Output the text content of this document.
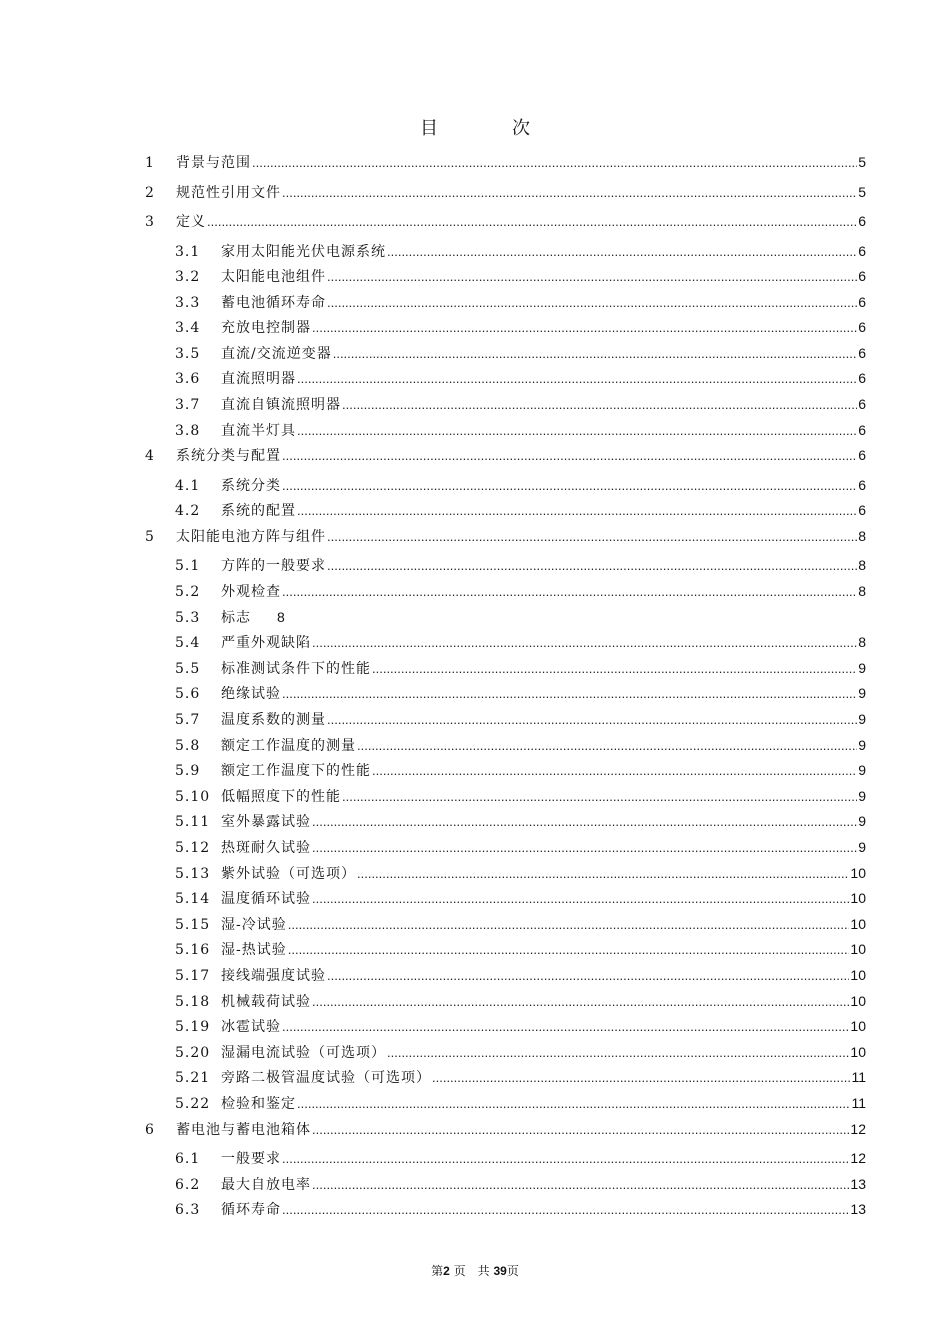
目　次
1	背景与范围 .....	5
2	规范性引用文件 .....	5
3	定义 .....	6
3.1	家用太阳能光伏电源系统 .....	6
3.2	太阳能电池组件 .....	6
3.3	蓄电池循环寿命 .....	6
3.4	充放电控制器 .....	6
3.5	直流/交流逆变器 .....	6
3.6	直流照明器 .....	6
3.7	直流自镇流照明器 .....	6
3.8	直流半灯具 .....	6
4	系统分类与配置 .....	6
4.1	系统分类 .....	6
4.2	系统的配置 .....	6
5	太阳能电池方阵与组件 .....	8
5.1	方阵的一般要求 .....	8
5.2	外观检查 .....	8
5.3	标志 8
5.4	严重外观缺陷 .....	8
5.5	标准测试条件下的性能 .....	9
5.6	绝缘试验 .....	9
5.7	温度系数的测量 .....	9
5.8	额定工作温度的测量 .....	9
5.9	额定工作温度下的性能 .....	9
5.10 低幅照度下的性能 .....	9
5.11 室外暴露试验 .....	9
5.12 热斑耐久试验 .....	9
5.13 紫外试验（可选项） .....	10
5.14 温度循环试验 .....	10
5.15 湿-冷试验 .....	10
5.16 湿-热试验 .....	10
5.17 接线端强度试验 .....	10
5.18 机械载荷试验 .....	10
5.19 冰雹试验 .....	10
5.20 湿漏电流试验（可选项） .....	10
5.21 旁路二极管温度试验（可选项） .....	11
5.22 检验和鉴定 .....	11
6	蓄电池与蓄电池箱体 .....	12
6.1	一般要求 .....	12
6.2	最大自放电率 .....	13
6.3	循环寿命 .....	13
第2 页　共 39页
